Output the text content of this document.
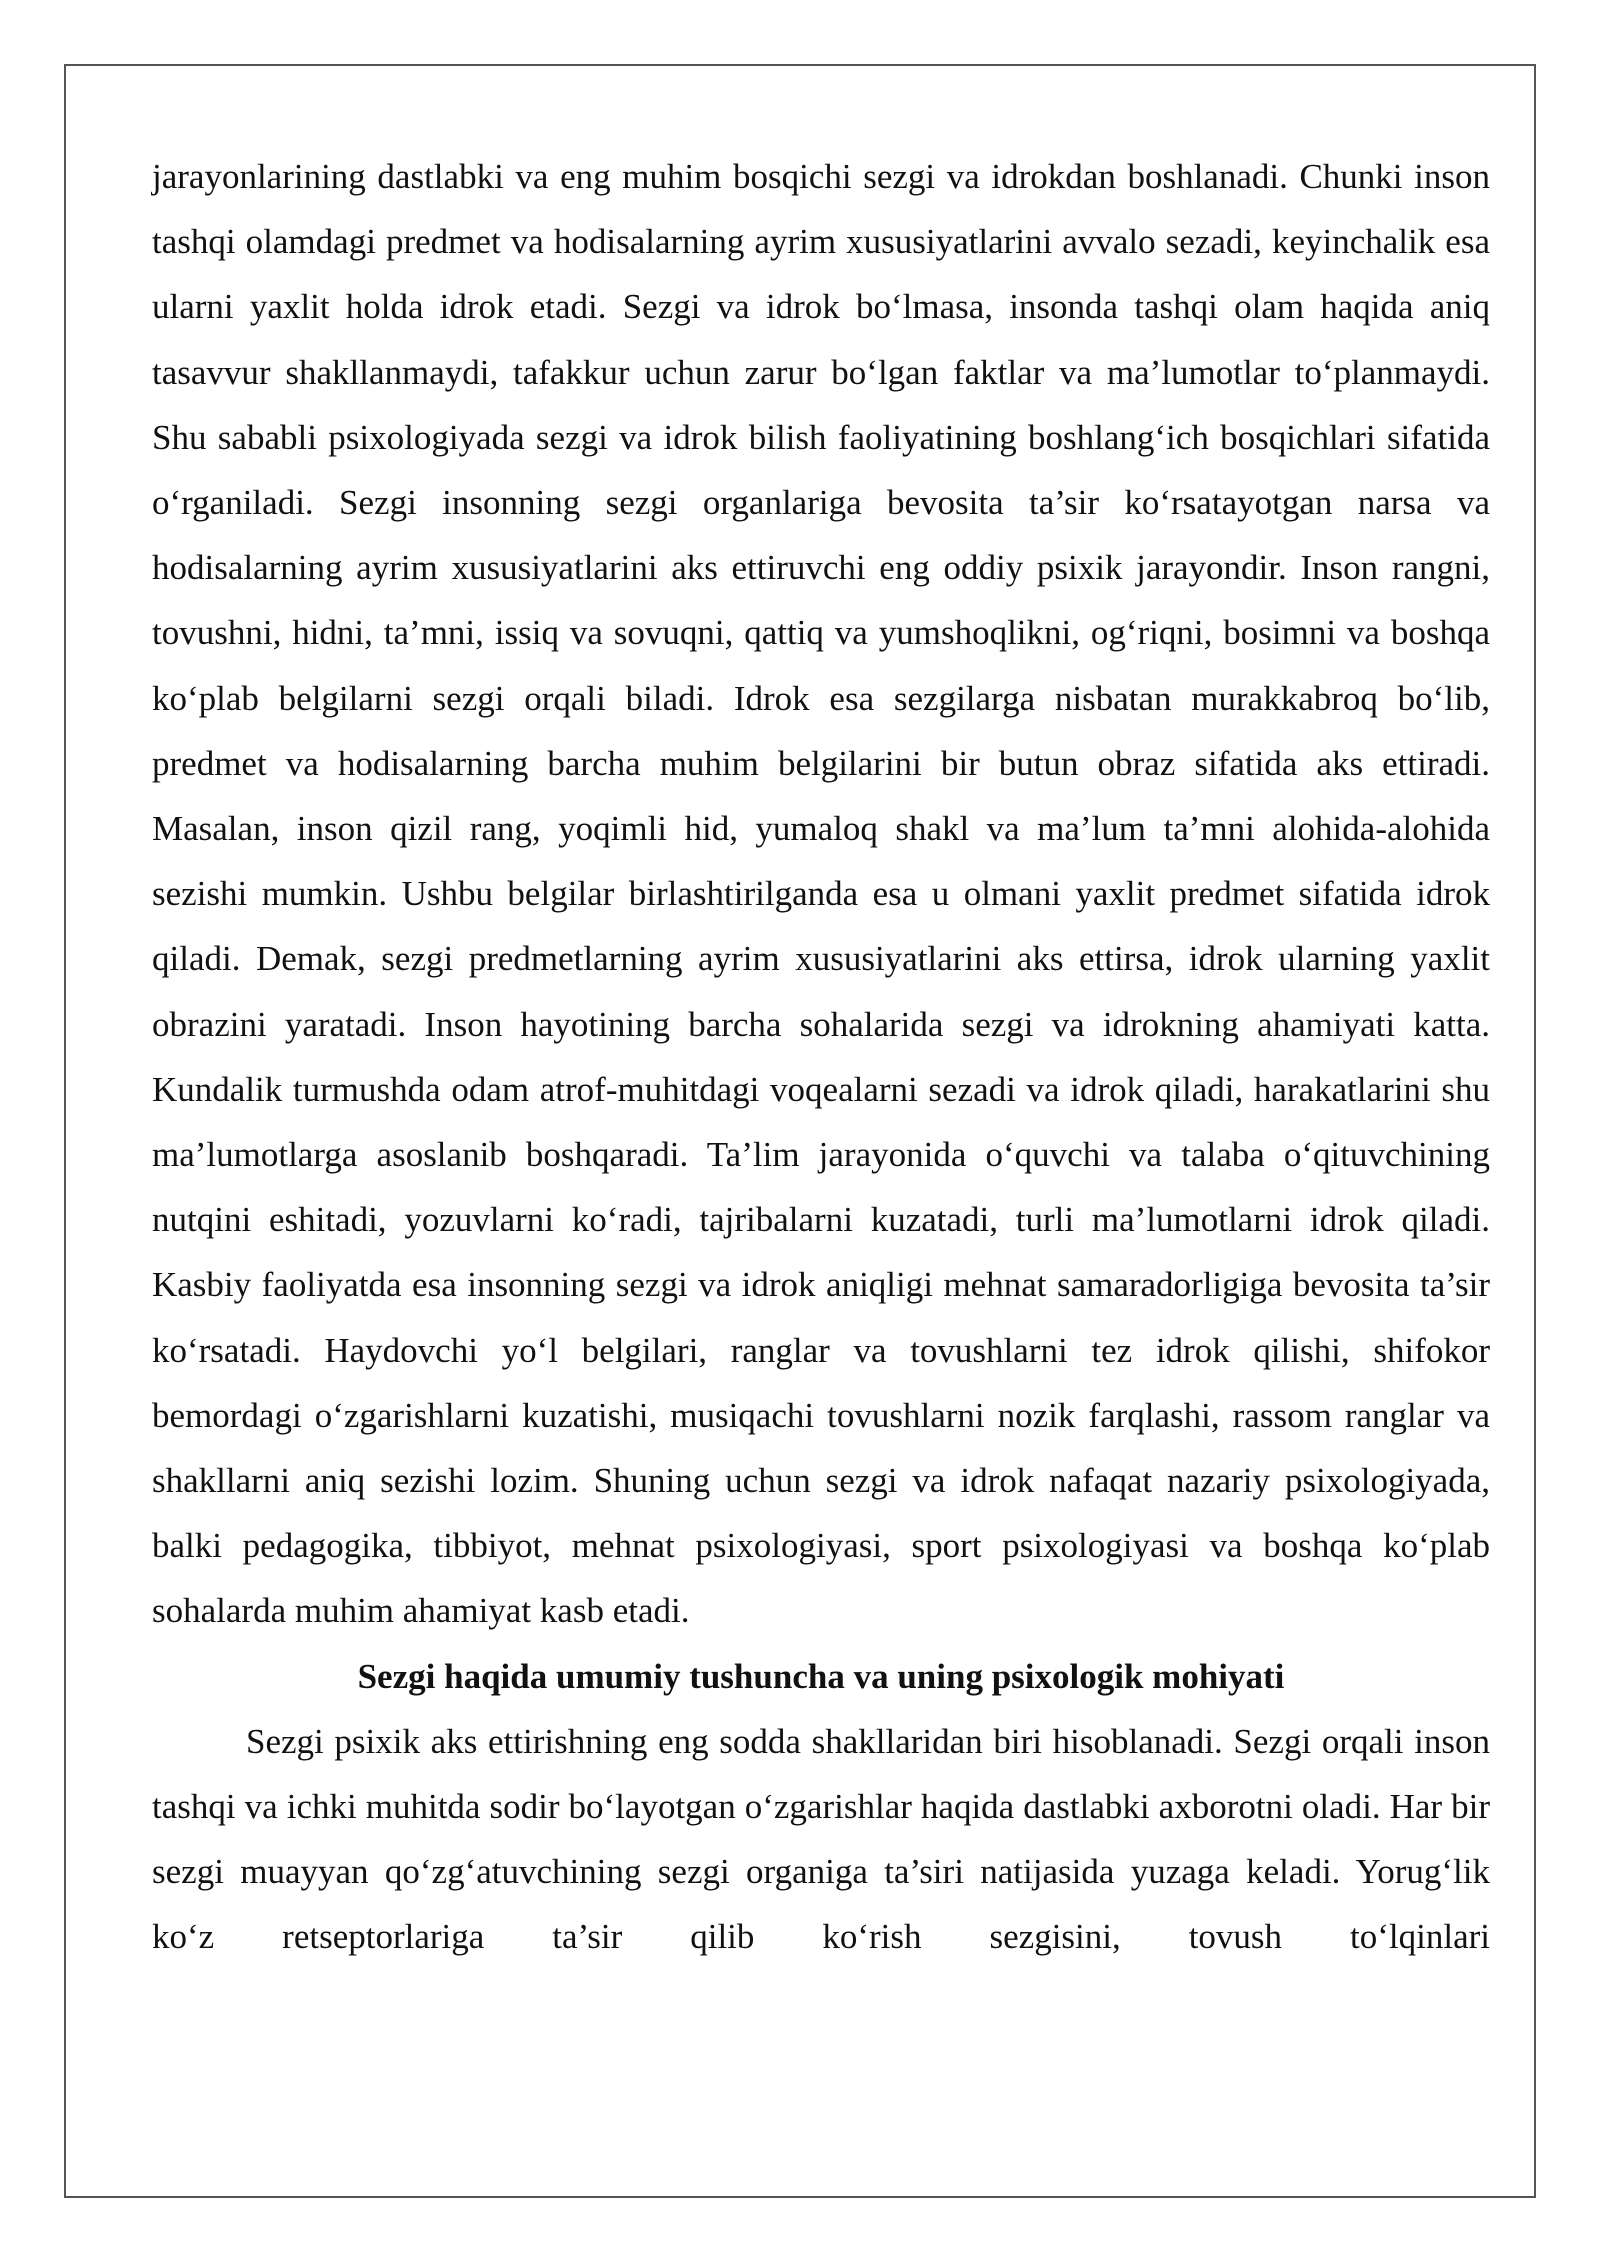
jarayonlarining dastlabki va eng muhim bosqichi sezgi va idrokdan boshlanadi. Chunki inson tashqi olamdagi predmet va hodisalarning ayrim xususiyatlarini avvalo sezadi, keyinchalik esa ularni yaxlit holda idrok etadi. Sezgi va idrok bo‘lmasa, insonda tashqi olam haqida aniq tasavvur shakllanmaydi, tafakkur uchun zarur bo‘lgan faktlar va ma’lumotlar to‘planmaydi. Shu sababli psixologiyada sezgi va idrok bilish faoliyatining boshlang‘ich bosqichlari sifatida o‘rganiladi. Sezgi insonning sezgi organlariga bevosita ta’sir ko‘rsatayotgan narsa va hodisalarning ayrim xususiyatlarini aks ettiruvchi eng oddiy psixik jarayondir. Inson rangni, tovushni, hidni, ta’mni, issiq va sovuqni, qattiq va yumshoqlikni, og‘riqni, bosimni va boshqa ko‘plab belgilarni sezgi orqali biladi. Idrok esa sezgilarga nisbatan murakkabroq bo‘lib, predmet va hodisalarning barcha muhim belgilarini bir butun obraz sifatida aks ettiradi. Masalan, inson qizil rang, yoqimli hid, yumaloq shakl va ma’lum ta’mni alohida-alohida sezishi mumkin. Ushbu belgilar birlashtirilganda esa u olmani yaxlit predmet sifatida idrok qiladi. Demak, sezgi predmetlarning ayrim xususiyatlarini aks ettirsa, idrok ularning yaxlit obrazini yaratadi. Inson hayotining barcha sohalarida sezgi va idrokning ahamiyati katta. Kundalik turmushda odam atrof-muhitdagi voqealarni sezadi va idrok qiladi, harakatlarini shu ma’lumotlarga asoslanib boshqaradi. Ta’lim jarayonida o‘quvchi va talaba o‘qituvchining nutqini eshitadi, yozuvlarni ko‘radi, tajribalarni kuzatadi, turli ma’lumotlarni idrok qiladi. Kasbiy faoliyatda esa insonning sezgi va idrok aniqligi mehnat samaradorligiga bevosita ta’sir ko‘rsatadi. Haydovchi yo‘l belgilari, ranglar va tovushlarni tez idrok qilishi, shifokor bemordagi o‘zgarishlarni kuzatishi, musiqachi tovushlarni nozik farqlashi, rassom ranglar va shakllarni aniq sezishi lozim. Shuning uchun sezgi va idrok nafaqat nazariy psixologiyada, balki pedagogika, tibbiyot, mehnat psixologiyasi, sport psixologiyasi va boshqa ko‘plab sohalarda muhim ahamiyat kasb etadi.

Sezgi haqida umumiy tushuncha va uning psixologik mohiyati

Sezgi psixik aks ettirishning eng sodda shakllaridan biri hisoblanadi. Sezgi orqali inson tashqi va ichki muhitda sodir bo‘layotgan o‘zgarishlar haqida dastlabki axborotni oladi. Har bir sezgi muayyan qo‘zg‘atuvchining sezgi organiga ta’siri natijasida yuzaga keladi. Yorug‘lik ko‘z retseptorlariga ta’sir qilib ko‘rish sezgisini, tovush to‘lqinlari
